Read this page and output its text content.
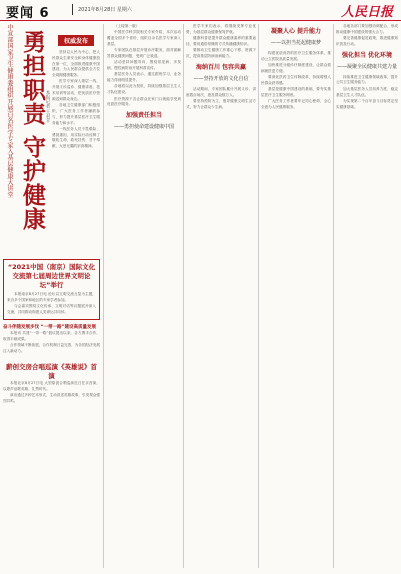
要闻 6	2021年8月28日 星期六	人民日报
中宣部国家卫生健康委组织开展百名医学专家入基层健康大讲堂 勇担职责 守护健康 本报记者 王君平
权威发布

坚持以人民为中心，把人民群众生命安全和身体健康放在第一位，全面推进健康中国建设，为人民群众提供全方位全周期健康服务。

医学专家深入基层一线，开展义诊巡诊、健康讲座、技术培训等活动，把优质医疗资源送到群众身边。

各地卫生健康部门积极组织，广大医务工作者踊跃参与，努力提升基层医疗卫生服务能力和水平。

一线医务人员不畏艰险、勇挑重担，用实际行动诠释了敬佑生命、救死扶伤、甘于奉献、大爱无疆的崇高精神。

“2021中国（南京）国际文化交流第七届周边世界文明论坛”举行

本报南京8月27日电 论坛以文明交流互鉴为主题，来自多个国家和地区的专家学者参加。

与会嘉宾围绕文化传承、文明对话等议题展开深入交流，共同推动构建人类命运共同体。

奋斗伴随发展步伐 “一带一路”建设高质量发展

本报讯 共建“一带一路”倡议提出以来，各方携手合作，取得丰硕成果。

合作领域不断拓展，合作机制日益完善，为各国经济发展注入新动力。

薪创交房合唱巡演《英雄说》首演

本报北京8月27日电 大型原创合唱巡演近日在京首演，以歌声讴歌英雄、礼赞时代。

演出通过多种艺术形式，生动讲述英雄故事，引发观众强烈共鸣。

（上接第一版）

中国医学科学院相关专家介绍，本次活动覆盖全国多个省份，组织百余名医学专家深入基层。

专家团队在基层开展诊疗服务，面对面解答群众健康问题，受到广泛欢迎。

活动坚持问题导向，围绕常见病、多发病、慢性病防治开展科普宣传。

基层医务人员表示，通过跟班学习，业务能力得到明显提升。

各地将以此为契机，持续加强基层卫生人才队伍建设。

医疗资源下沉让群众在家门口就能享受到优质医疗服务。

加强责任担当
——勇担使命建设健康中国

医学专家们表示，将继续发挥专业优势，为基层群众健康保驾护航。

健康科普是提升群众健康素养的重要途径，要用通俗易懂的方式传播健康知识。

要推动卫生健康工作重心下移、资源下沉，提高基层防病治病能力。

海纳百川 包容共赢
——坚持开放的文化自信

活动期间，专家团队累计开展义诊、讲座数百场次，惠及群众数万人。

要坚持预防为主，倡导健康文明生活方式，努力让群众少生病。

凝聚人心 提升能力
——以担当托起健康梦

构建优质高效的医疗卫生服务体系，推动公立医院高质量发展。

加快推进分级诊疗制度建设，让群众看病就医更方便。

要深化医药卫生体制改革，持续增强人民群众获得感。

基层是健康中国建设的基础，要夯实基层医疗卫生服务网底。

广大医务工作者要牢记初心使命，全心全意为人民健康服务。

各地各部门要加强协调配合，形成推动健康中国建设的强大合力。

要完善健康促进政策，推进健康知识普及行动。

强化担当 优化环境
——凝聚全民健康共建力量

持续推进卫生健康领域改革，提升公共卫生服务能力。

加大基层医务人员培养力度，稳定基层卫生人才队伍。

为实现第二个百年奋斗目标奠定坚实健康基础。
